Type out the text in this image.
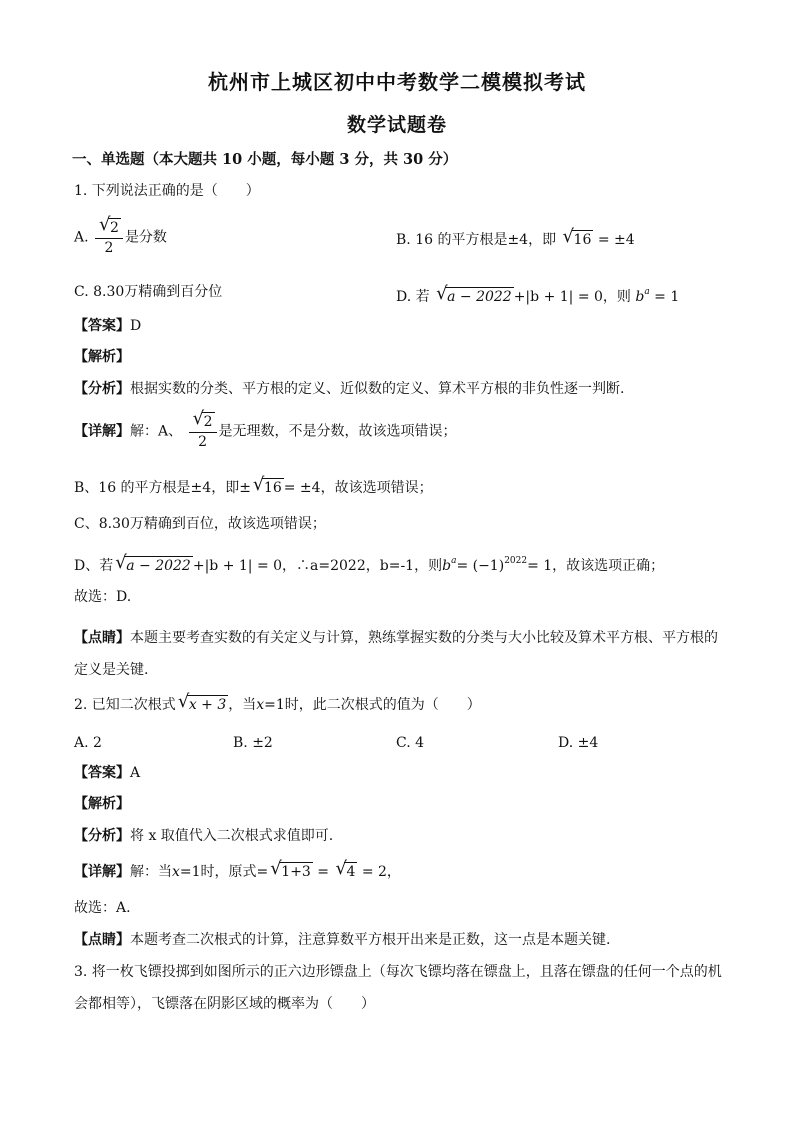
杭州市上城区初中中考数学二模模拟考试
数学试题卷
一、单选题（本大题共 10 小题，每小题 3 分，共 30 分）
1. 下列说法正确的是（　　）
A. $\frac{√ 2}{2}$ 是分数	B. 16 的平方根是±4，即 √ 16 = ±4
C. 8.30万精确到百分位	D. 若 √ a − 2022 +|b + 1| = 0，则 $b^a = 1$
【答案】D
【解析】
【分析】根据实数的分类、平方根的定义、近似数的定义、算术平方根的非负性逐一判断.
【详解】解：A、 $\frac{√ 2}{2}$ 是无理数，不是分数，故该选项错误；
B、16 的平方根是±4，即± √ 16 = ±4，故该选项错误；
C、8.30万精确到百位，故该选项错误；
D、若 √ a − 2022 +|b + 1| = 0，∴a=2022，b=-1，则$b^a= (-1)^{2022}= 1$，故该选项正确；
故选：D.
【点睛】本题主要考查实数的有关定义与计算，熟练掌握实数的分类与大小比较及算术平方根、平方根的
定义是关键.
2. 已知二次根式 √ x + 3 ，当x=1时，此二次根式的值为（　　）
A. 2	B. ±2	C. 4	D. ±4
【答案】A
【解析】
【分析】将 x 取值代入二次根式求值即可.
【详解】解：当x=1时，原式= √ 1+3 = √ 4 = 2，
故选：A.
【点睛】本题考查二次根式的计算，注意算数平方根开出来是正数，这一点是本题关键.
3. 将一枚飞镖投掷到如图所示的正六边形镖盘上（每次飞镖均落在镖盘上，且落在镖盘的任何一个点的机
会都相等），飞镖落在阴影区域的概率为（　　）
